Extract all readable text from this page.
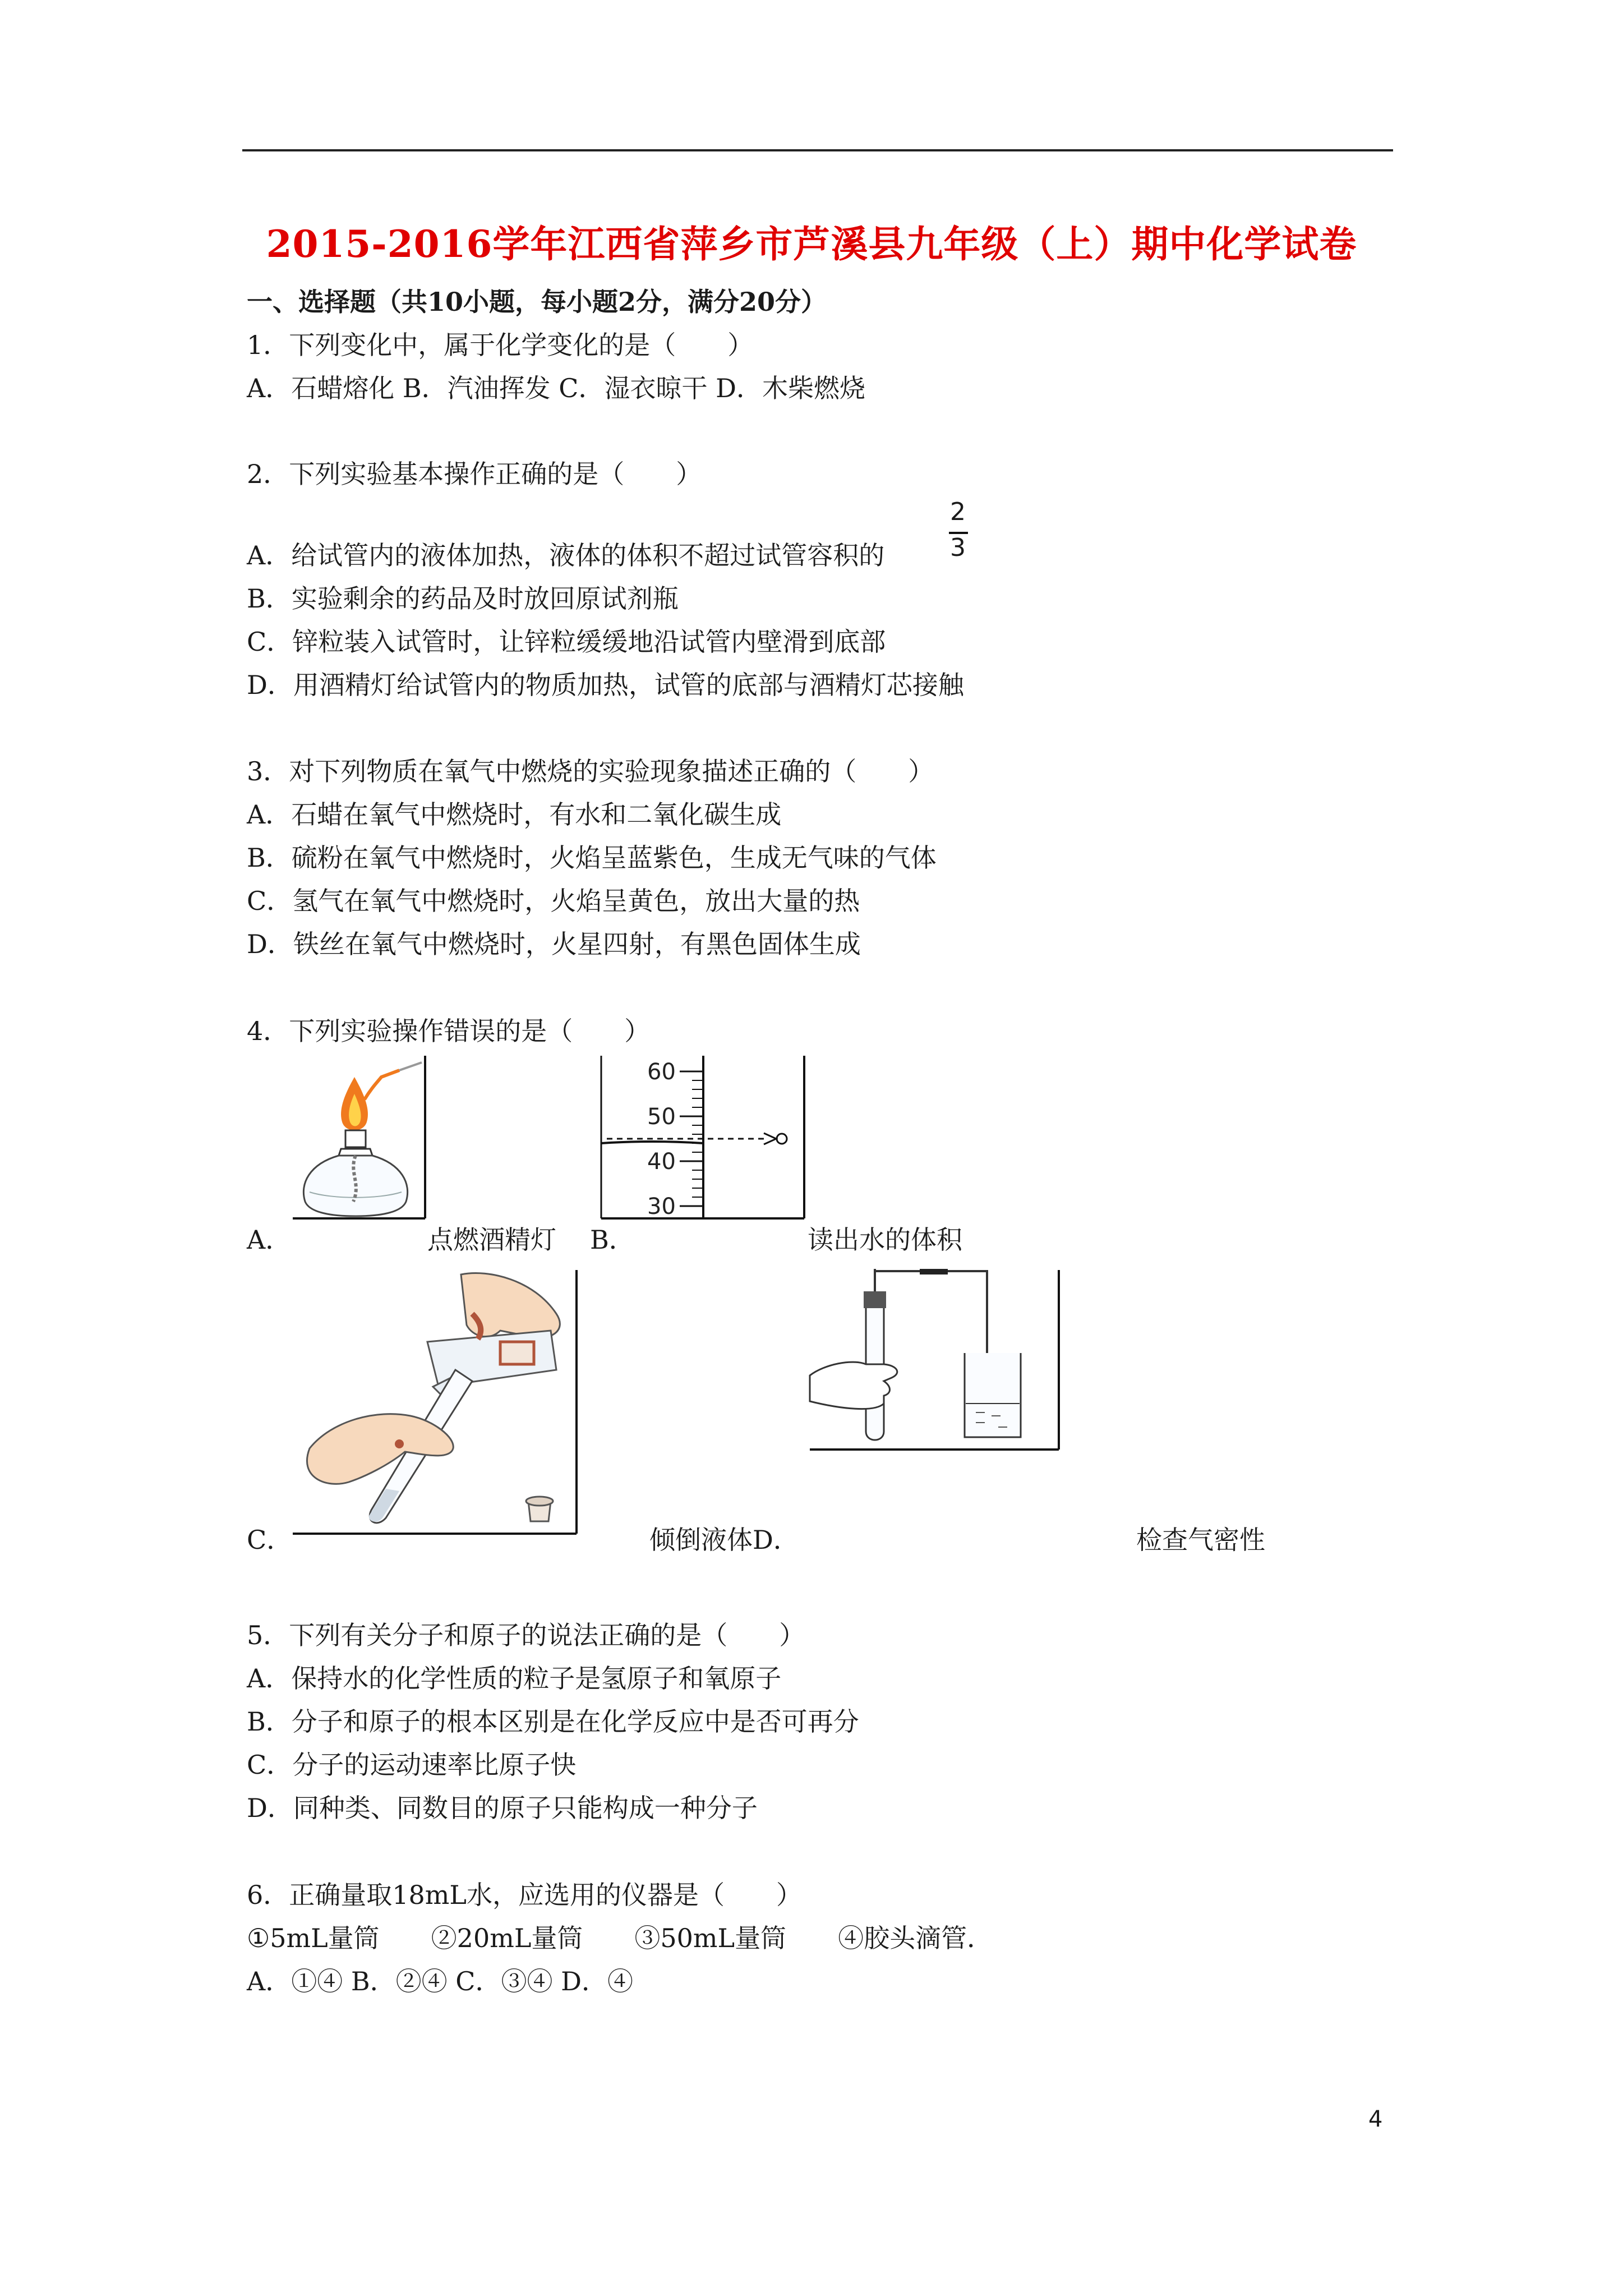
2015-2016学年江西省萍乡市芦溪县九年级（上）期中化学试卷
一、选择题（共10小题，每小题2分，满分20分）
1．下列变化中，属于化学变化的是（　　）
A．石蜡熔化 B．汽油挥发 C．湿衣晾干 D．木柴燃烧
2．下列实验基本操作正确的是（　　）
A．给试管内的液体加热，液体的体积不超过试管容积的
2
3
B．实验剩余的药品及时放回原试剂瓶
C．锌粒装入试管时，让锌粒缓缓地沿试管内壁滑到底部
D．用酒精灯给试管内的物质加热，试管的底部与酒精灯芯接触
3．对下列物质在氧气中燃烧的实验现象描述正确的（　　）
A．石蜡在氧气中燃烧时，有水和二氧化碳生成
B．硫粉在氧气中燃烧时，火焰呈蓝紫色，生成无气味的气体
C．氢气在氧气中燃烧时，火焰呈黄色，放出大量的热
D．铁丝在氧气中燃烧时，火星四射，有黑色固体生成
4．下列实验操作错误的是（　　）
A．	点燃酒精灯 B．
60
50
40
30
读出水的体积
C．	倾倒液体D．	检查气密性
5．下列有关分子和原子的说法正确的是（　　）
A．保持水的化学性质的粒子是氢原子和氧原子
B．分子和原子的根本区别是在化学反应中是否可再分
C．分子的运动速率比原子快
D．同种类、同数目的原子只能构成一种分子
6．正确量取18mL水，应选用的仪器是（　　）
①5mL量筒　　②20mL量筒　　③50mL量筒　　④胶头滴管．
A．①④ B．②④ C．③④ D．④
4
